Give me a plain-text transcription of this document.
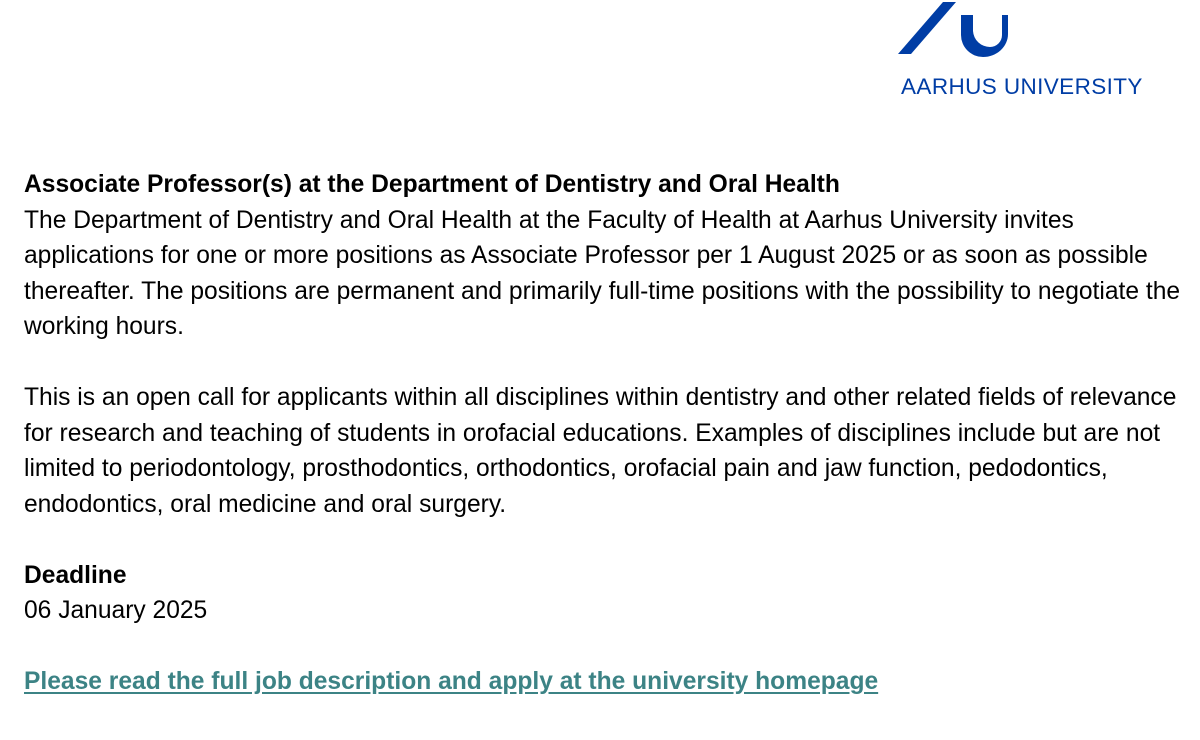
AARHUS UNIVERSITY

Associate Professor(s) at the Department of Dentistry and Oral Health
The Department of Dentistry and Oral Health at the Faculty of Health at Aarhus University invites applications for one or more positions as Associate Professor per 1 August 2025 or as soon as possible thereafter. The positions are permanent and primarily full-time positions with the possibility to negotiate the working hours.

This is an open call for applicants within all disciplines within dentistry and other related fields of relevance for research and teaching of students in orofacial educations. Examples of disciplines include but are not limited to periodontology, prosthodontics, orthodontics, orofacial pain and jaw function, pedodontics, endodontics, oral medicine and oral surgery.

Deadline
06 January 2025

Please read the full job description and apply at the university homepage
